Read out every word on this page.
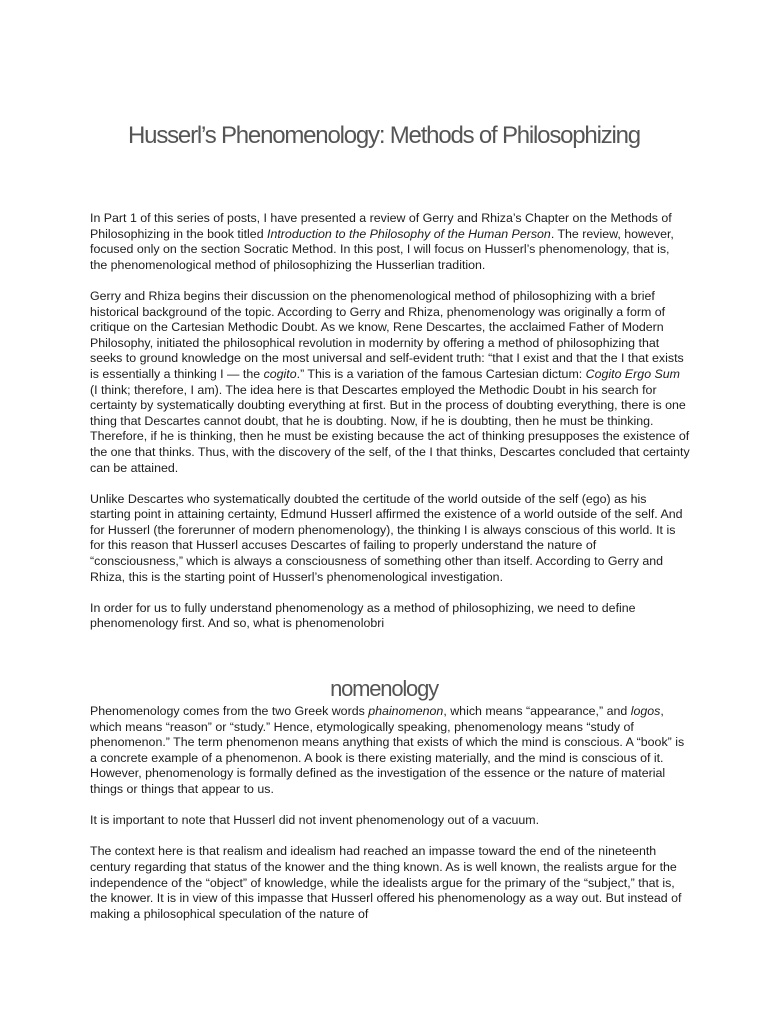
Husserl’s Phenomenology: Methods of Philosophizing

In Part 1 of this series of posts, I have presented a review of Gerry and Rhiza’s Chapter on the Methods of Philosophizing in the book titled Introduction to the Philosophy of the Human Person. The review, however, focused only on the section Socratic Method. In this post, I will focus on Husserl’s phenomenology, that is, the phenomenological method of philosophizing the Husserlian tradition.

Gerry and Rhiza begins their discussion on the phenomenological method of philosophizing with a brief historical background of the topic. According to Gerry and Rhiza, phenomenology was originally a form of critique on the Cartesian Methodic Doubt. As we know, Rene Descartes, the acclaimed Father of Modern Philosophy, initiated the philosophical revolution in modernity by offering a method of philosophizing that seeks to ground knowledge on the most universal and self-evident truth: “that I exist and that the I that exists is essentially a thinking I — the cogito.” This is a variation of the famous Cartesian dictum: Cogito Ergo Sum (I think; therefore, I am). The idea here is that Descartes employed the Methodic Doubt in his search for certainty by systematically doubting everything at first. But in the process of doubting everything, there is one thing that Descartes cannot doubt, that he is doubting. Now, if he is doubting, then he must be thinking. Therefore, if he is thinking, then he must be existing because the act of thinking presupposes the existence of the one that thinks. Thus, with the discovery of the self, of the I that thinks, Descartes concluded that certainty can be attained.

Unlike Descartes who systematically doubted the certitude of the world outside of the self (ego) as his starting point in attaining certainty, Edmund Husserl affirmed the existence of a world outside of the self. And for Husserl (the forerunner of modern phenomenology), the thinking I is always conscious of this world. It is for this reason that Husserl accuses Descartes of failing to properly understand the nature of “consciousness,” which is always a consciousness of something other than itself. According to Gerry and Rhiza, this is the starting point of Husserl’s phenomenological investigation.

In order for us to fully understand phenomenology as a method of philosophizing, we need to define phenomenology first. And so, what is phenomenolobri

nomenology

Phenomenology comes from the two Greek words phainomenon, which means “appearance,” and logos, which means “reason” or “study.” Hence, etymologically speaking, phenomenology means “study of phenomenon.” The term phenomenon means anything that exists of which the mind is conscious. A “book” is a concrete example of a phenomenon. A book is there existing materially, and the mind is conscious of it. However, phenomenology is formally defined as the investigation of the essence or the nature of material things or things that appear to us.

It is important to note that Husserl did not invent phenomenology out of a vacuum.

The context here is that realism and idealism had reached an impasse toward the end of the nineteenth century regarding that status of the knower and the thing known. As is well known, the realists argue for the independence of the “object” of knowledge, while the idealists argue for the primary of the “subject,” that is, the knower. It is in view of this impasse that Husserl offered his phenomenology as a way out. But instead of making a philosophical speculation of the nature of
